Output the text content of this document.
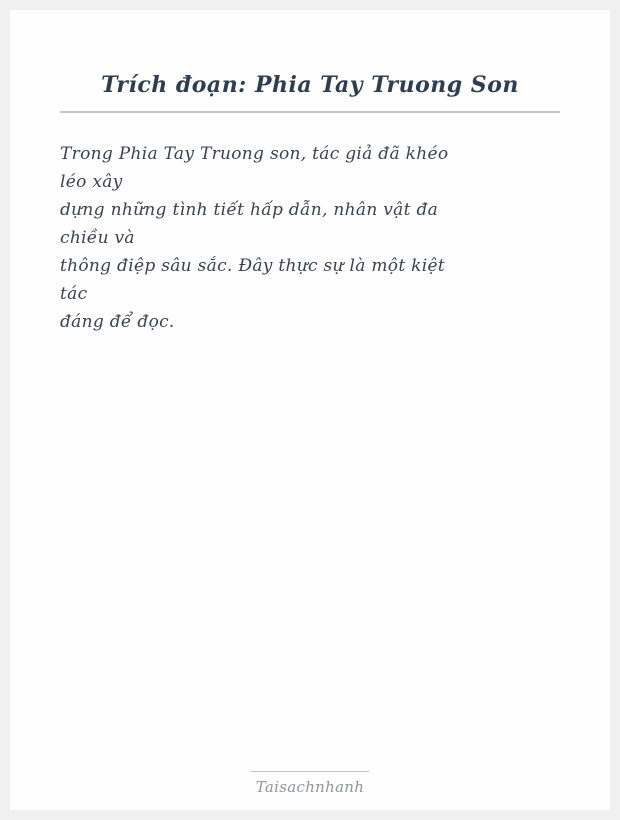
Trích đoạn: Phia Tay Truong Son
Trong Phia Tay Truong son, tác giả đã khéo
léo xây
dựng những tình tiết hấp dẫn, nhân vật đa
chiều và
thông điệp sâu sắc. Đây thực sự là một kiệt
tác
đáng để đọc.
Taisachnhanh
